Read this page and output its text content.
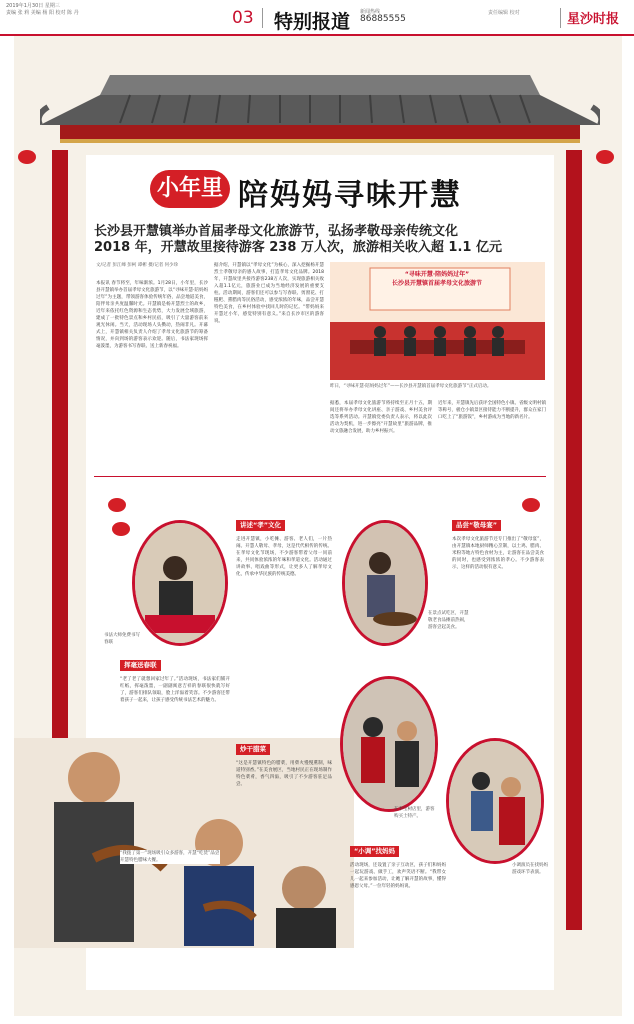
2019年1月30日 星期三
责编 张 莉 美编 杨 阳 校对 陈 丹	03 特别报道 新闻热线
86885555
责任编辑 校对	星沙时报
小年里 陪妈妈寻味开慧
长沙县开慧镇举办首届孝母文化旅游节，弘扬孝敬母亲传统文化
2018 年，开慧故里接待游客 238 万人次，旅游相关收入超 1.1 亿元
文/记者 彭江峰 彭柯 谭彬 摄/记者 何少珍
本报讯 春节将至，年味渐浓。1月28日，小年里，长沙县开慧镇举办首届孝母文化旅游节，以“寻味开慧·陪妈妈过年”为主题，带领游客体验传统年俗，品尝地道美食，陪伴母亲共度温馨时光。开慧镇是杨开慧烈士的故乡，近年来依托红色资源和生态优势，大力发展全域旅游，建成了一批特色景点和乡村民宿，吸引了大量游客前来观光休闲。当天，活动现场人头攒动，热闹非凡。开幕式上，开慧镇相关负责人介绍了孝母文化旅游节的筹备情况，并向到场的游客表示欢迎。随后，书法家现场挥毫泼墨，为游客书写春联、送上新春祝福。
据介绍，开慧镇以“孝母文化”为核心，深入挖掘杨开慧烈士孝敬母亲的感人故事，打造孝母文化品牌。2018年，开慧故里共接待游客238万人次，实现旅游相关收入超1.1亿元，旅游业已成为当地经济发展的重要支柱。活动期间，游客们还可以参与写春联、剪窗花、打糍粑、熏腊肉等民俗活动，感受浓浓的年味，品尝开慧特色美食，在乡村体验中找回儿时的记忆。“带妈妈来开慧过小年，感觉特别有意义。”来自长沙市区的游客说。
“寻味开慧·陪妈妈过年”
长沙县开慧镇首届孝母文化旅游节
昨日，“寻味开慧·陪妈妈过年”——长沙县开慧镇首届孝母文化旅游节“正式启动。
据悉，本届孝母文化旅游节将持续至正月十五，期间还将举办孝母文化讲座、亲子游戏、乡村美食评选等系列活动。开慧镇党委负责人表示，将以此次活动为契机，进一步擦亮“开慧故里”旅游品牌，推动文旅融合发展，助力乡村振兴。
近年来，开慧镇先后获评全国特色小镇、省级文明村镇等称号，板仓小镇景区接待能力不断提升，群众在家门口吃上了“旅游饭”，乡村游成为当地的新名片。
书法大师免费书写春联
挥毫送春联
“老了老了就想回家过年了。”活动现场，书法家们铺开红纸，挥毫泼墨，一副副寓意吉祥的春联很快就写好了，游客们排队领取，脸上洋溢着笑容。不少游客还带着孩子一起来，让孩子感受传统书法艺术的魅力。
“我拨了第一”现场吸引众多游客，开慧“吃货”品尝开慧特色腊味大餐。
讲述“孝”文化
走进开慧镇，小吃摊、游客、老人们，一片热闹。开慧人敬母、孝母，这是代代相传的传统。在孝母文化节现场，不少游客带着父母一同前来，共同体验浓浓的年味和孝道文化。活动通过讲故事、唱戏曲等形式，让更多人了解孝母文化，传承中华民族的传统美德。
炒干腊菜
“这是开慧镇特色的腊菜，用柴火慢慢熏制，味道特别香。”在美食展区，当地村民正在现场制作特色菜肴，香气四溢，吸引了不少游客驻足品尝。
“小调”找妈妈
活动现场，还设置了亲子互动区，孩子们和妈妈一起玩游戏、做手工，欢声笑语不断。“我带女儿一起来参加活动，让她了解开慧的故事，懂得感恩父母。”一位年轻的妈妈说。
在景点试吃区，开慧敬老食品摊前热闹，游客尝起美食。
在李宝树店里，游客购买土特产。
品尝“敬母宴”
本次孝母文化旅游节还专门推出了“敬母宴”，由开慧镇本地厨师精心烹制，以土鸡、腊肉、米粉等地方特色食材为主，让游客在品尝美食的同时，也感受到浓浓的孝心。不少游客表示，这样的活动很有意义。
小调演员在找妈妈游戏环节表演。
